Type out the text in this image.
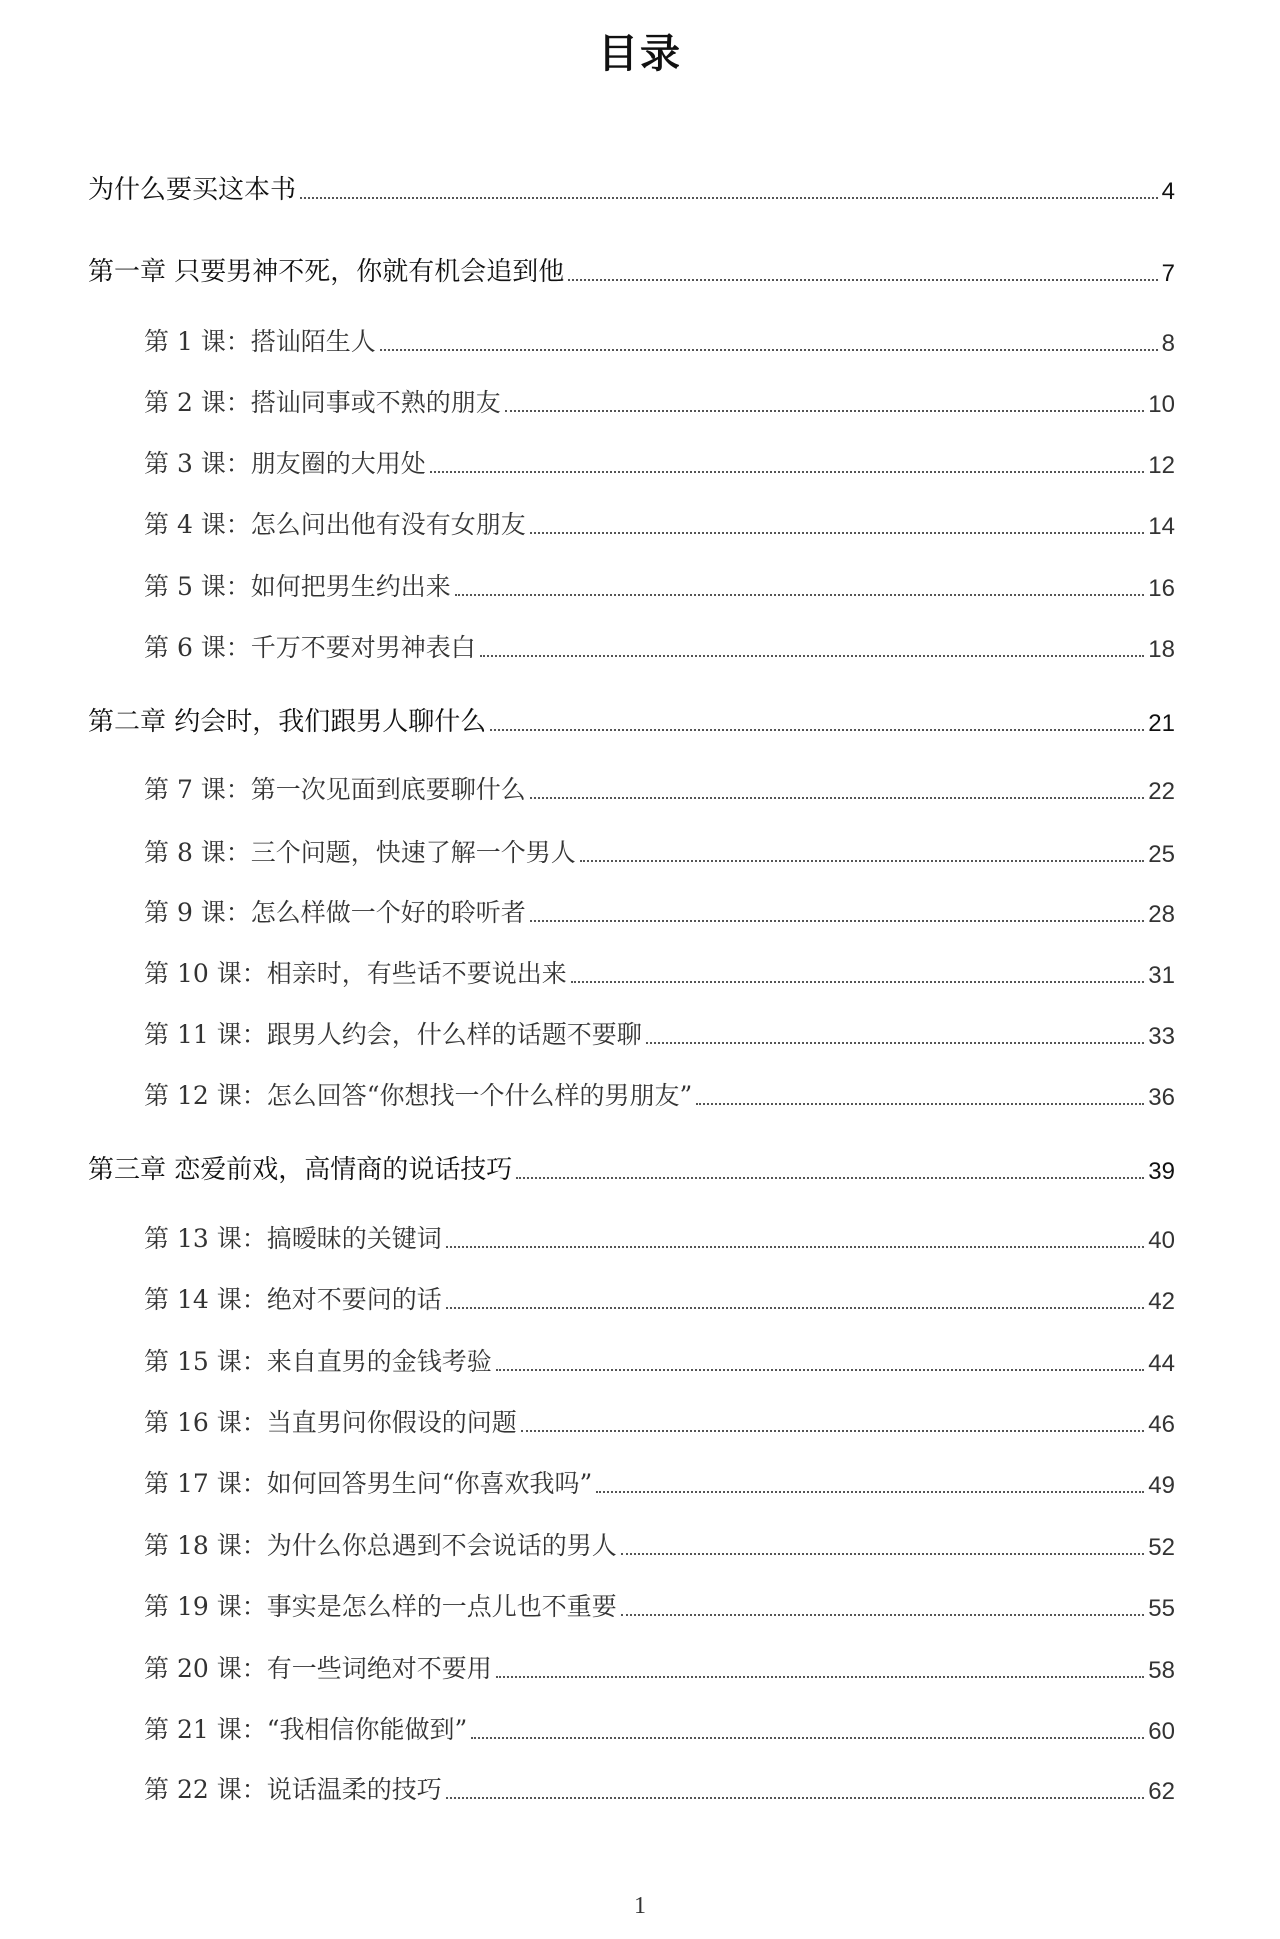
目录
为什么要买这本书	4
第一章 只要男神不死，你就有机会追到他	7
第 1 课：搭讪陌生人	8
第 2 课：搭讪同事或不熟的朋友	10
第 3 课：朋友圈的大用处	12
第 4 课：怎么问出他有没有女朋友	14
第 5 课：如何把男生约出来	16
第 6 课：千万不要对男神表白	18
第二章 约会时，我们跟男人聊什么	21
第 7 课：第一次见面到底要聊什么	22
第 8 课：三个问题，快速了解一个男人	25
第 9 课：怎么样做一个好的聆听者	28
第 10 课：相亲时，有些话不要说出来	31
第 11 课：跟男人约会，什么样的话题不要聊	33
第 12 课：怎么回答“你想找一个什么样的男朋友”	36
第三章 恋爱前戏，高情商的说话技巧	39
第 13 课：搞暧昧的关键词	40
第 14 课：绝对不要问的话	42
第 15 课：来自直男的金钱考验	44
第 16 课：当直男问你假设的问题	46
第 17 课：如何回答男生问“你喜欢我吗”	49
第 18 课：为什么你总遇到不会说话的男人	52
第 19 课：事实是怎么样的一点儿也不重要	55
第 20 课：有一些词绝对不要用	58
第 21 课：“我相信你能做到”	60
第 22 课：说话温柔的技巧	62
1
